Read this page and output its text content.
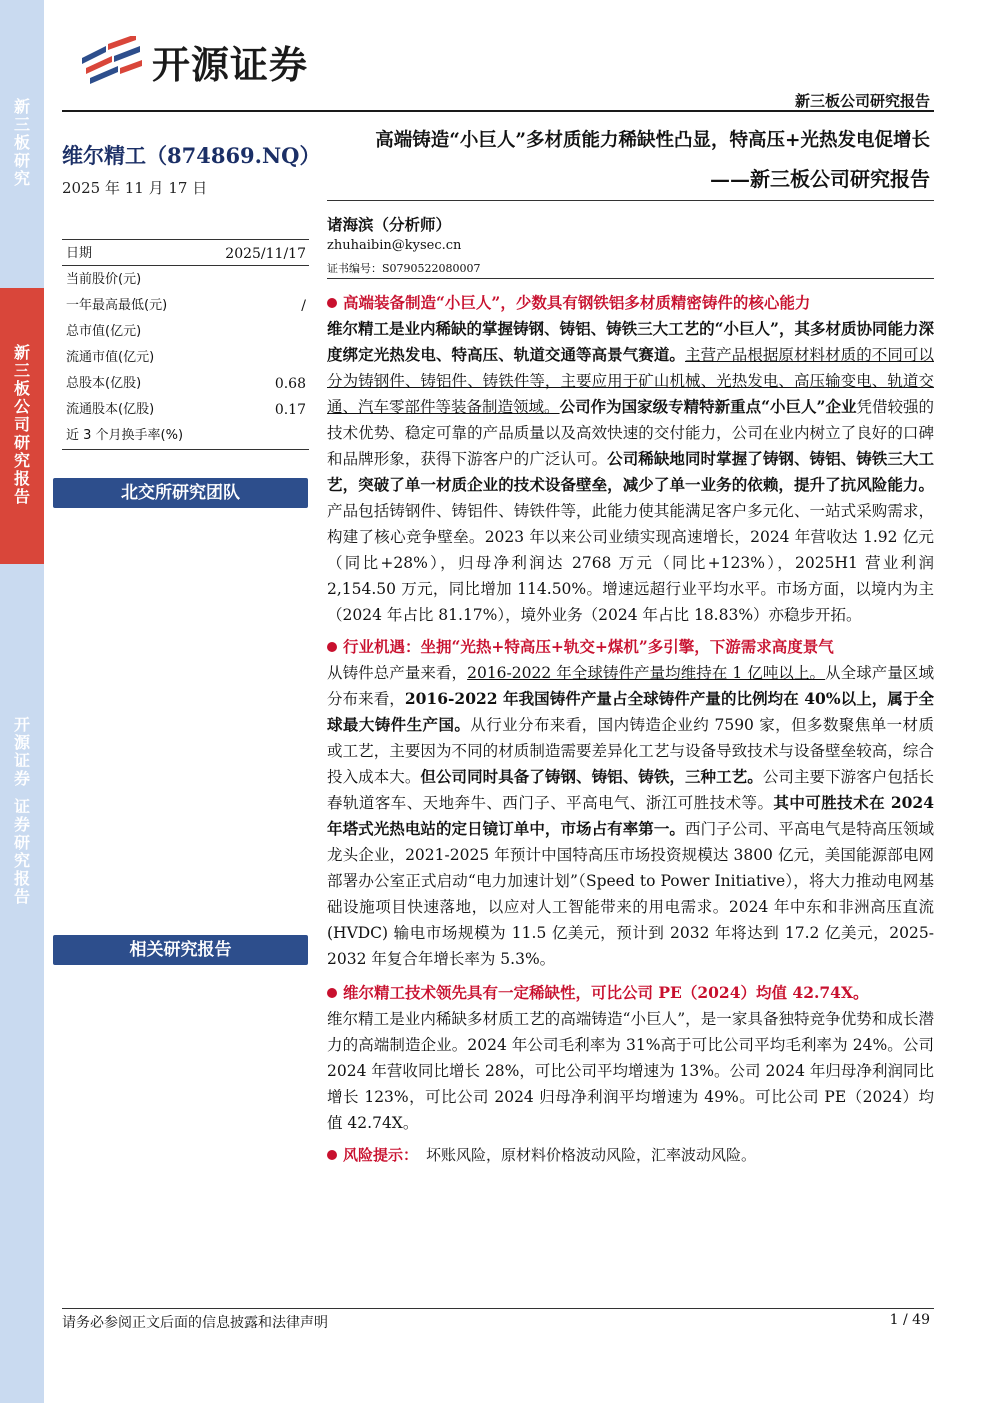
新
三
板
研
究
新
三
板
公
司
研
究
报
告
开
源
证
券
证
券
研
究
报
告
开源证券
新三板公司研究报告
维尔精工（874869.NQ）
2025 年 11 月 17 日
日期	2025/11/17
当前股价(元)
一年最高最低(元)	/
总市值(亿元)
流通市值(亿元)
总股本(亿股)	0.68
流通股本(亿股)	0.17
近 3 个月换手率(%)
北交所研究团队
相关研究报告
高端铸造“小巨人”多材质能力稀缺性凸显，特高压+光热发电促增长
——新三板公司研究报告
诸海滨（分析师）
zhuhaibin@kysec.cn
证书编号：S0790522080007
高端装备制造“小巨人”，少数具有钢铁铝多材质精密铸件的核心能力
维尔精工是业内稀缺的掌握铸钢、铸铝、铸铁三大工艺的“小巨人”，其多材质协同能力深度绑定光热发电、特高压、轨道交通等高景气赛道。主营产品根据原材料材质的不同可以分为铸钢件、铸铝件、铸铁件等，主要应用于矿山机械、光热发电、高压输变电、轨道交通、汽车零部件等装备制造领域。公司作为国家级专精特新重点“小巨人”企业凭借较强的技术优势、稳定可靠的产品质量以及高效快速的交付能力，公司在业内树立了良好的口碑和品牌形象，获得下游客户的广泛认可。公司稀缺地同时掌握了铸钢、铸铝、铸铁三大工艺，突破了单一材质企业的技术设备壁垒，减少了单一业务的依赖，提升了抗风险能力。产品包括铸钢件、铸铝件、铸铁件等，此能力使其能满足客户多元化、一站式采购需求，构建了核心竞争壁垒。2023 年以来公司业绩实现高速增长，2024 年营收达 1.92 亿元（同比+28%），归母净利润达 2768 万元（同比+123%），2025H1 营业利润 2,154.50 万元，同比增加 114.50%。增速远超行业平均水平。市场方面，以境内为主（2024 年占比 81.17%），境外业务（2024 年占比 18.83%）亦稳步开拓。
行业机遇：坐拥“光热+特高压+轨交+煤机”多引擎，下游需求高度景气
从铸件总产量来看，2016-2022 年全球铸件产量均维持在 1 亿吨以上。从全球产量区域分布来看，2016-2022 年我国铸件产量占全球铸件产量的比例均在 40%以上，属于全球最大铸件生产国。从行业分布来看，国内铸造企业约 7590 家，但多数聚焦单一材质或工艺，主要因为不同的材质制造需要差异化工艺与设备导致技术与设备壁垒较高，综合投入成本大。但公司同时具备了铸钢、铸铝、铸铁，三种工艺。公司主要下游客户包括长春轨道客车、天地奔牛、西门子、平高电气、浙江可胜技术等。其中可胜技术在 2024 年塔式光热电站的定日镜订单中，市场占有率第一。西门子公司、平高电气是特高压领域龙头企业，2021-2025 年预计中国特高压市场投资规模达 3800 亿元，美国能源部电网部署办公室正式启动“电力加速计划”（Speed to Power Initiative），将大力推动电网基础设施项目快速落地，以应对人工智能带来的用电需求。2024 年中东和非洲高压直流 (HVDC) 输电市场规模为 11.5 亿美元，预计到 2032 年将达到 17.2 亿美元，2025-2032 年复合年增长率为 5.3%。
维尔精工技术领先具有一定稀缺性，可比公司 PE（2024）均值 42.74X。
维尔精工是业内稀缺多材质工艺的高端铸造“小巨人”，是一家具备独特竞争优势和成长潜力的高端制造企业。2024 年公司毛利率为 31%高于可比公司平均毛利率为 24%。公司 2024 年营收同比增长 28%，可比公司平均增速为 13%。公司 2024 年归母净利润同比增长 123%，可比公司 2024 归母净利润平均增速为 49%。可比公司 PE（2024）均值 42.74X。
风险提示： 坏账风险，原材料价格波动风险，汇率波动风险。
请务必参阅正文后面的信息披露和法律声明	1 / 49
